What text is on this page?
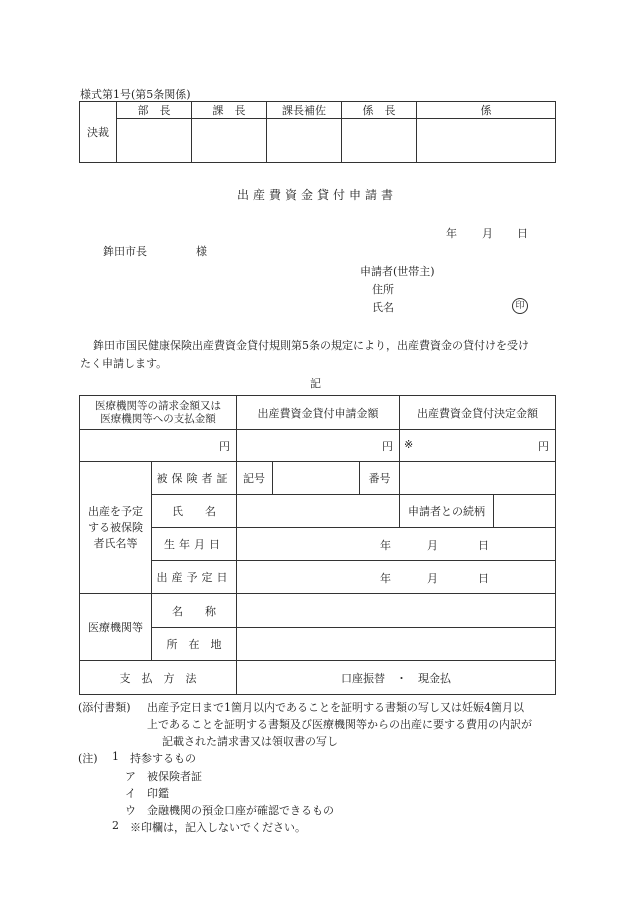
様式第1号(第5条関係)
決裁	部　長	課　長	課長補佐	係　長	係

出産費資金貸付申請書
年 月 日
鉾田市長	様
申請者(世帯主)
住所
氏名	印
鉾田市国民健康保険出産費資金貸付規則第5条の規定により，出産費資金の貸付けを受け
たく申請します。
記
医療機関等の請求金額又は
医療機関等への支払金額		出産費資金貸付申請金額			出産費資金貸付決定金額	
円		円			※ 円	

出産を予定
する被保険
者氏名等	被保険者証	記号		番号		
	氏　　名				申請者との続柄	
	生年月日	年 月 日				

	出産予定日	年 月 日				

医療機関等	名　　称					
	所　在　地					
支　払　方　法		口座振替　・　現金払				
(添付書類) 出産予定日まで1箇月以内であることを証明する書類の写し又は妊娠4箇月以
上であることを証明する書類及び医療機関等からの出産に要する費用の内訳が
記載された請求書又は領収書の写し
(注) 1 持参するもの
ア　被保険者証
イ　印鑑
ウ　金融機関の預金口座が確認できるもの
2 ※印欄は，記入しないでください。
